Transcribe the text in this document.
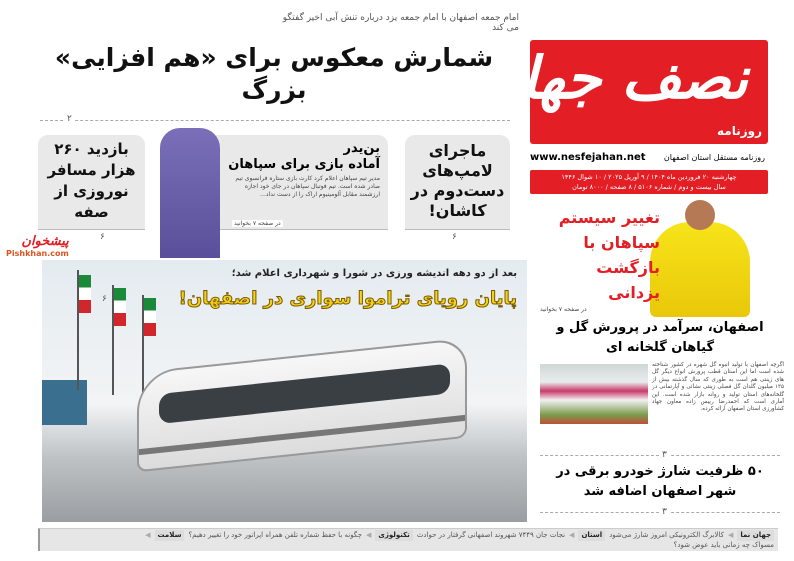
امام جمعه اصفهان با امام جمعه یزد درباره تنش آبی اخیر گفتگو می کند
شمارش معکوس برای «هم افزایی» بزرگ
۲
نصف جهان
روزنامه
www.nesfejahan.net	روزنامه مستقل استان اصفهان
چهارشنبه ۲۰ فروردین ماه ۱۴۰۴ / ۹ آوریل ۲۰۲۵ / ۱۰ شوال ۱۴۴۶
سال بیست و دوم / شماره ۵۱۰۶ / ۸ صفحه / ۸۰۰۰ تومان
ماجرای لامپ‌های دست‌دوم در کاشان!
بن‌یدر
آماده بازی برای سپاهان
مدیر تیم سپاهان اعلام کرد کارت بازی ستاره فرانسوی تیم صادر شده است. تیم فوتبال سپاهان در جای خود اجازه ارزشمند مقابل آلومینیوم اراک را از دست نداد...
در صفحه ۷ بخوانید
بازدید ۲۶۰ هزار مسافر نوروزی از صفه
پیشخوان
Pishkhan.com
بعد از دو دهه اندیشه ورزی در شورا و شهرداری اعلام شد؛
پایان رویای تراموا سواری در اصفهان!
۶
تغییر سیستم سپاهان با بازگشت یزدانی
در صفحه ۷ بخوانید
اصفهان، سرآمد در پرورش گل و گیاهان گلخانه ای
اگرچه اصفهان با تولید انبوه گل شهره در کشور شناخته شده است اما این استان قطب پرورش انواع دیگر گل های زینتی هم است به طوری که سال گذشته بیش از ۱۳۵ میلیون گلدان گل فصلی زینتی نشائی و آپارتمانی در گلخانه‌های استان تولید و روانه بازار شده است. این آماری است که احمدرضا رییس زاده معاون جهاد کشاورزی استان اصفهان ارائه کرده.
۵۰ ظرفیت شارژ خودرو برقی در شهر اصفهان اضافه شد
جهان نما
◀
کالابرگ الکترونیکی امروز شارژ می‌شود
استان
◀
نجات جان ۷۴۴۹ شهروند اصفهانی گرفتار در حوادث
تکنولوژی
◀
چگونه با حفظ شماره تلفن همراه اپراتور خود را تغییر دهیم؟
سلامت
◀
مسواک چه زمانی باید عوض شود؟
۶
۶
۳
۳
